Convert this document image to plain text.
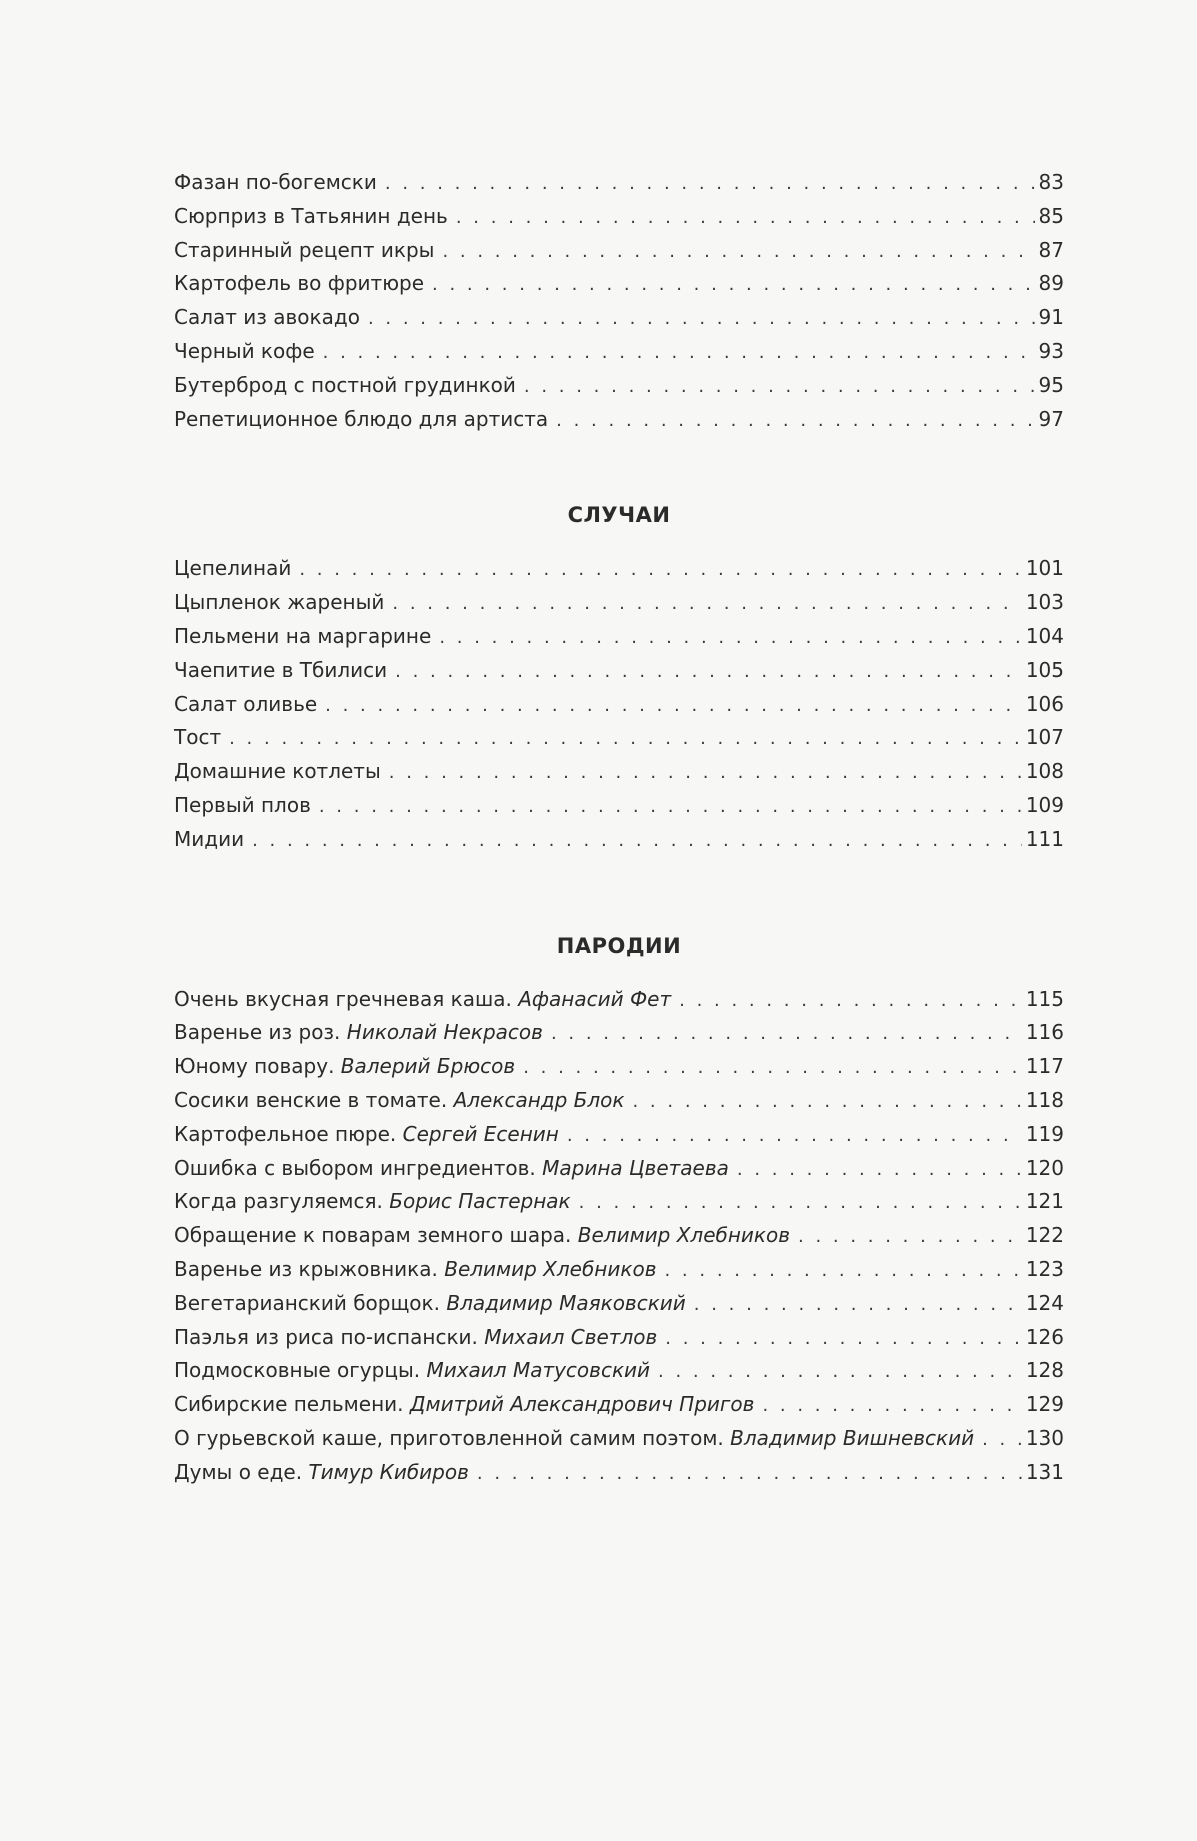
Фазан по-богемски . . .	83
Сюрприз в Татьянин день . . .	85
Старинный рецепт икры . . .	87
Картофель во фритюре . . .	89
Салат из авокадо . . .	91
Черный кофе . . .	93
Бутерброд с постной грудинкой . . .	95
Репетиционное блюдо для артиста . . .	97
СЛУЧАИ
Цепелинай . . .	101
Цыпленок жареный . . .	103
Пельмени на маргарине . . .	104
Чаепитие в Тбилиси . . .	105
Салат оливье . . .	106
Тост . . .	107
Домашние котлеты . . .	108
Первый плов . . .	109
Мидии . . .	111
ПАРОДИИ
Очень вкусная гречневая каша. Афанасий Фет . . .	115
Варенье из роз. Николай Некрасов . . .	116
Юному повару. Валерий Брюсов . . .	117
Сосики венские в томате. Александр Блок . . .	118
Картофельное пюре. Сергей Есенин . . .	119
Ошибка с выбором ингредиентов. Марина Цветаева . . .	120
Когда разгуляемся. Борис Пастернак . . .	121
Обращение к поварам земного шара. Велимир Хлебников . . .	122
Варенье из крыжовника. Велимир Хлебников . . .	123
Вегетарианский борщок. Владимир Маяковский . . .	124
Паэлья из риса по-испански. Михаил Светлов . . .	126
Подмосковные огурцы. Михаил Матусовский . . .	128
Сибирские пельмени. Дмитрий Александрович Пригов . . .	129
О гурьевской каше, приготовленной самим поэтом. Владимир Вишневский . . .	130
Думы о еде. Тимур Кибиров . . .	131
